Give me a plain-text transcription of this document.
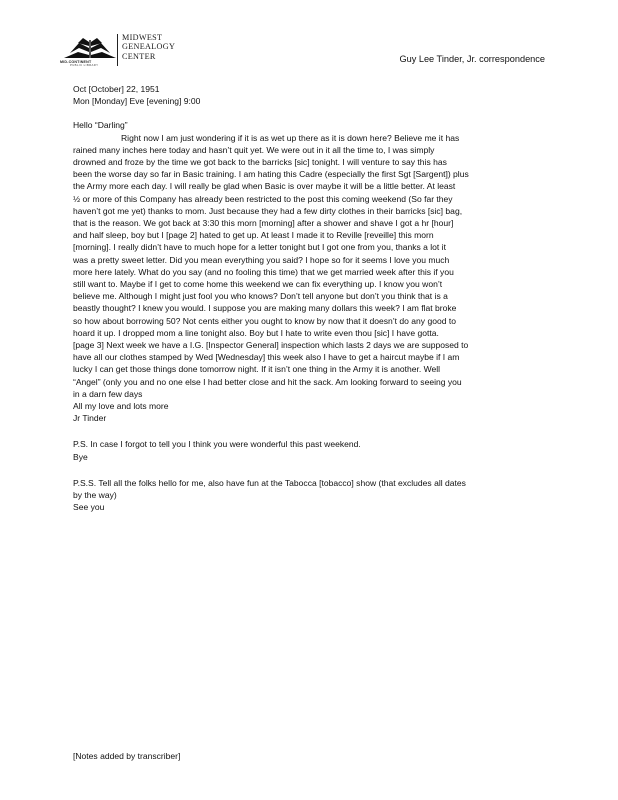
MID-CONTINENT
PUBLIC LIBRARY
MIDWEST
GENEALOGY
CENTER	Guy Lee Tinder, Jr. correspondence
Oct [October] 22, 1951
Mon [Monday] Eve [evening] 9:00
Hello “Darling”
Right now I am just wondering if it is as wet up there as it is down here? Believe me it has
rained many inches here today and hasn’t quit yet. We were out in it all the time to, I was simply
drowned and froze by the time we got back to the barricks [sic] tonight. I will venture to say this has
been the worse day so far in Basic training. I am hating this Cadre (especially the first Sgt [Sargent]) plus
the Army more each day. I will really be glad when Basic is over maybe it will be a little better. At least
½ or more of this Company has already been restricted to the post this coming weekend (So far they
haven’t got me yet) thanks to mom. Just because they had a few dirty clothes in their barricks [sic] bag,
that is the reason. We got back at 3:30 this morn [morning] after a shower and shave I got a hr [hour]
and half sleep, boy but I [page 2] hated to get up. At least I made it to Reville [reveille] this morn
[morning]. I really didn’t have to much hope for a letter tonight but I got one from you, thanks a lot it
was a pretty sweet letter. Did you mean everything you said? I hope so for it seems I love you much
more here lately. What do you say (and no fooling this time) that we get married week after this if you
still want to. Maybe if I get to come home this weekend we can fix everything up. I know you won’t
believe me. Although I might just fool you who knows? Don’t tell anyone but don’t you think that is a
beastly thought? I knew you would. I suppose you are making many dollars this week? I am flat broke
so how about borrowing 50? Not cents either you ought to know by now that it doesn’t do any good to
hoard it up. I dropped mom a line tonight also. Boy but I hate to write even thou [sic] I have gotta.
[page 3] Next week we have a I.G. [Inspector General] inspection which lasts 2 days we are supposed to
have all our clothes stamped by Wed [Wednesday] this week also I have to get a haircut maybe if I am
lucky I can get those things done tomorrow night. If it isn’t one thing in the Army it is another. Well
“Angel” (only you and no one else I had better close and hit the sack. Am looking forward to seeing you
in a darn few days
All my love and lots more
Jr Tinder
P.S. In case I forgot to tell you I think you were wonderful this past weekend.
Bye
P.S.S. Tell all the folks hello for me, also have fun at the Tabocca [tobacco] show (that excludes all dates
by the way)
See you
[Notes added by transcriber]
